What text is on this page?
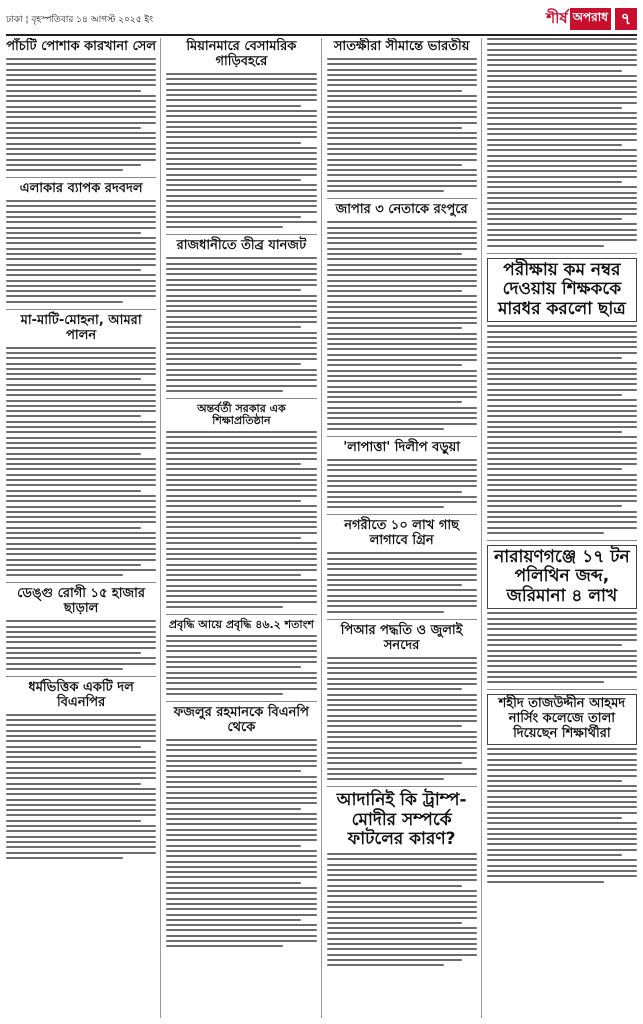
ঢাকা ¦ বৃহস্পতিবার ১৪ আগস্ট ২০২৫ ইং	শীর্ষ অপরাধ ৭
পাঁচটি পোশাক কারখানা সেল
এলাকার ব্যাপক রদবদল
মা-মাটি-মোহনা, আমরা পালন
ডেঙ্গু রোগী ১৫ হাজার ছাড়াল
ধর্মভিত্তিক একটি দল বিএনপির
মিয়ানমারে বেসামরিক গাড়িবহরে
রাজধানীতে তীব্র যানজট
অন্তর্বর্তী সরকার এক শিক্ষাপ্রতিষ্ঠান
প্রবৃদ্ধি আয়ে প্রবৃদ্ধি ৪৬.২ শতাংশ
ফজলুর রহমানকে বিএনপি থেকে
সাতক্ষীরা সীমান্তে ভারতীয়
জাপার ৩ নেতাকে রংপুরে
'লাপাত্তা' দিলীপ বড়ুয়া
নগরীতে ১০ লাখ গাছ লাগাবে গ্রিন
পিআর পদ্ধতি ও জুলাই সনদের
আদানিই কি ট্রাম্প-মোদীর সম্পর্কে ফাটলের কারণ?
পরীক্ষায় কম নম্বর দেওয়ায় শিক্ষককে মারধর করলো ছাত্র
নারায়ণগঞ্জে ১৭ টন পলিথিন জব্দ, জরিমানা ৪ লাখ
শহীদ তাজউদ্দীন আহমদ নার্সিং কলেজে তালা দিয়েছেন শিক্ষার্থীরা
